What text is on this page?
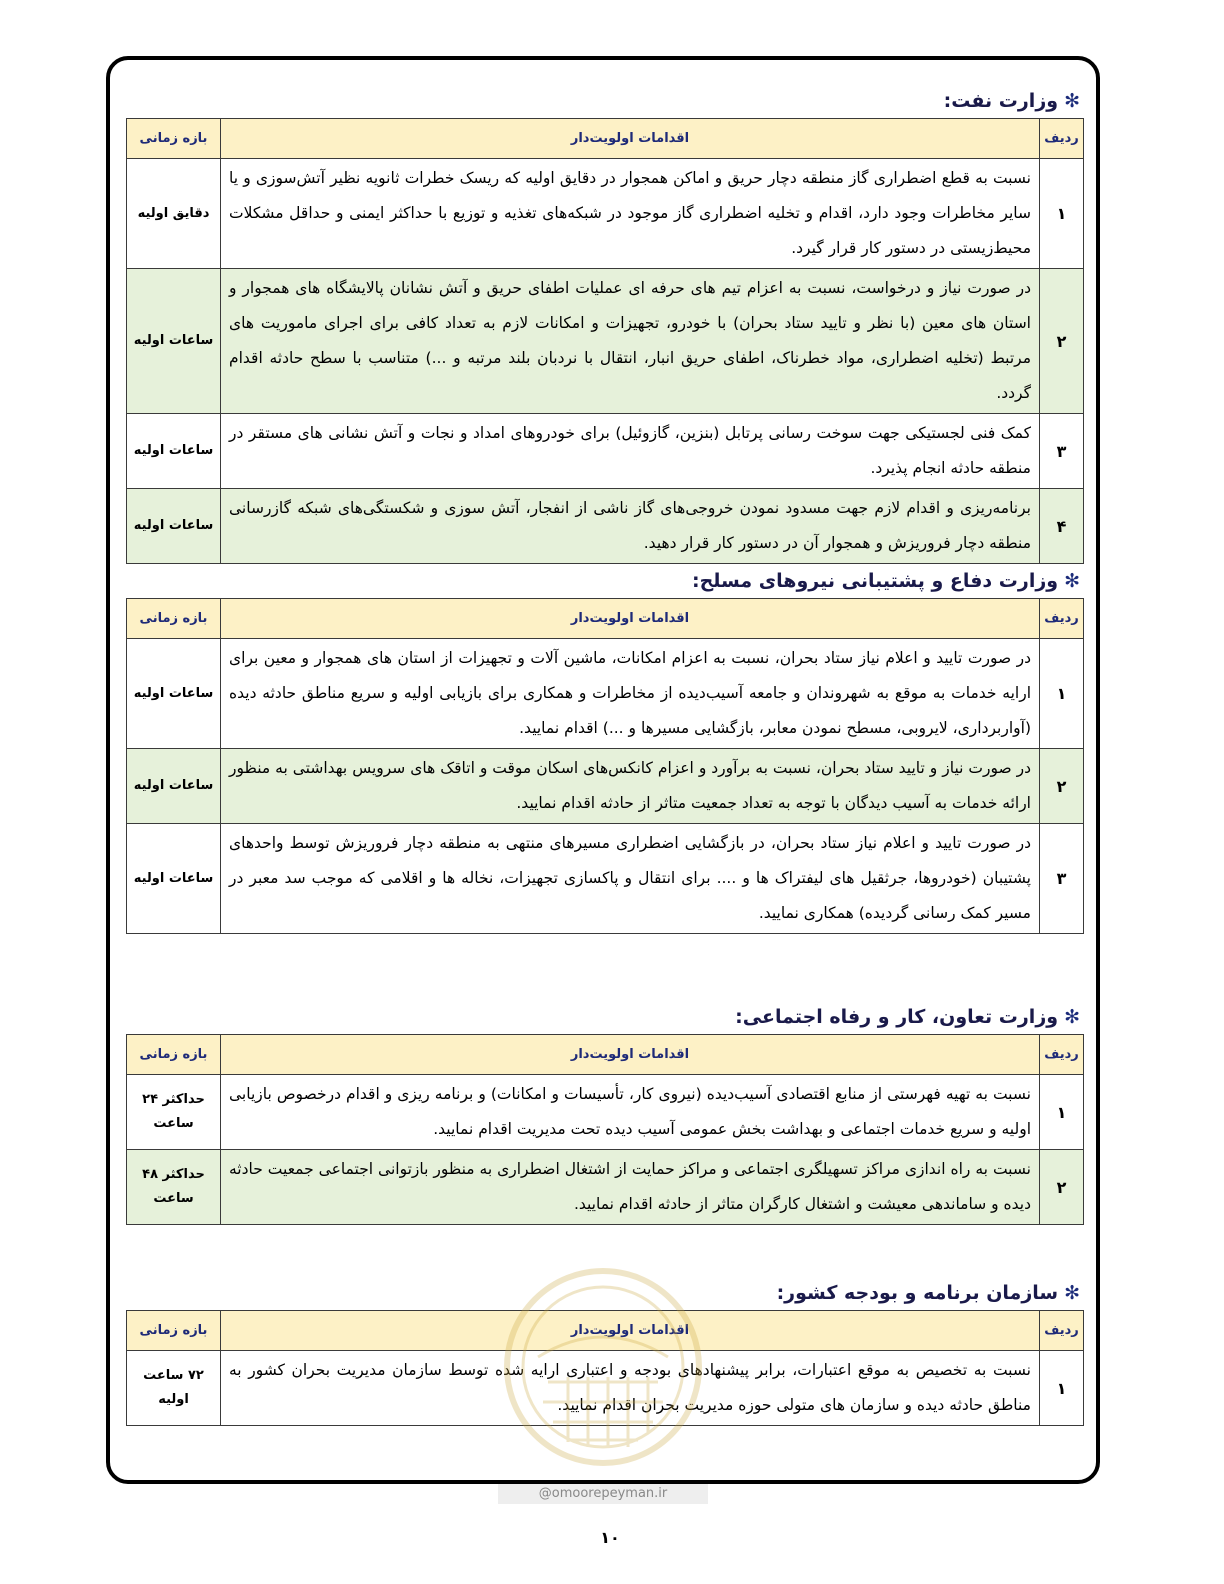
✻وزارت نفت:
ردیف	اقدامات اولویت‌دار	بازه زمانی
۱	نسبت به قطع اضطراری گاز منطقه دچار حریق و اماکن همجوار در دقایق اولیه که ریسک خطرات ثانویه نظیر آتش‌سوزی و یا سایر مخاطرات وجود دارد، اقدام و تخلیه اضطراری گاز موجود در شبکه‌های تغذیه و توزیع با حداکثر ایمنی و حداقل مشکلات محیط‌زیستی در دستور کار قرار گیرد.	دقایق اولیه
۲	در صورت نیاز و درخواست، نسبت به اعزام تیم های حرفه ای عملیات اطفای حریق و آتش نشانان پالایشگاه های همجوار و استان های معین (با نظر و تایید ستاد بحران) با خودرو، تجهیزات و امکانات لازم به تعداد کافی برای اجرای ماموریت های مرتبط (تخلیه اضطراری، مواد خطرناک، اطفای حریق انبار، انتقال با نردبان بلند مرتبه و ...) متناسب با سطح حادثه اقدام گردد.	ساعات اولیه
۳	کمک فنی لجستیکی جهت سوخت رسانی پرتابل (بنزین، گازوئیل) برای خودروهای امداد و نجات و آتش نشانی های مستقر در منطقه حادثه انجام پذیرد.	ساعات اولیه
۴	برنامه‌ریزی و اقدام لازم جهت مسدود نمودن خروجی‌های گاز ناشی از انفجار، آتش سوزی و شکستگی‌های شبکه گازرسانی منطقه دچار فروریزش و همجوار آن در دستور کار قرار دهید.	ساعات اولیه
✻وزارت دفاع و پشتیبانی نیروهای مسلح:
ردیف	اقدامات اولویت‌دار	بازه زمانی
۱	در صورت تایید و اعلام نیاز ستاد بحران، نسبت به اعزام امکانات، ماشین آلات و تجهیزات از استان های همجوار و معین برای ارایه خدمات به موقع به شهروندان و جامعه آسیب‌دیده از مخاطرات و همکاری برای بازیابی اولیه و سریع مناطق حادثه دیده (آواربرداری، لایروبی، مسطح نمودن معابر، بازگشایی مسیرها و ...) اقدام نمایید.	ساعات اولیه
۲	در صورت نیاز و تایید ستاد بحران، نسبت به برآورد و اعزام کانکس‌های اسکان موقت و اتاقک های سرویس بهداشتی به منظور ارائه خدمات به آسیب دیدگان با توجه به تعداد جمعیت متاثر از حادثه اقدام نمایید.	ساعات اولیه
۳	در صورت تایید و اعلام نیاز ستاد بحران، در بازگشایی اضطراری مسیرهای منتهی به منطقه دچار فروریزش توسط واحدهای پشتیبان (خودروها، جرثقیل های لیفتراک ها و .... برای انتقال و پاکسازی تجهیزات، نخاله ها و اقلامی که موجب سد معبر در مسیر کمک رسانی گردیده) همکاری نمایید.	ساعات اولیه
✻وزارت تعاون، کار و رفاه اجتماعی:
ردیف	اقدامات اولویت‌دار	بازه زمانی
۱	نسبت به تهیه فهرستی از منابع اقتصادی آسیب‌دیده (نیروی کار، تأسیسات و امکانات) و برنامه ریزی و اقدام درخصوص بازیابی اولیه و سریع خدمات اجتماعی و بهداشت بخش عمومی آسیب دیده تحت مدیریت اقدام نمایید.	حداکثر ۲۴ ساعت
۲	نسبت به راه اندازی مراکز تسهیلگری اجتماعی و مراکز حمایت از اشتغال اضطراری به منظور بازتوانی اجتماعی جمعیت حادثه دیده و ساماندهی معیشت و اشتغال کارگران متاثر از حادثه اقدام نمایید.	حداکثر ۴۸ ساعت
✻سازمان برنامه و بودجه کشور:
ردیف	اقدامات اولویت‌دار	بازه زمانی
۱	نسبت به تخصیص به موقع اعتبارات، برابر پیشنهادهای بودجه و اعتباری ارایه شده توسط سازمان مدیریت بحران کشور به مناطق حادثه دیده و سازمان های متولی حوزه مدیریت بحران اقدام نمایید.	۷۲ ساعت اولیه
@omoorepeyman.ir
۱۰
